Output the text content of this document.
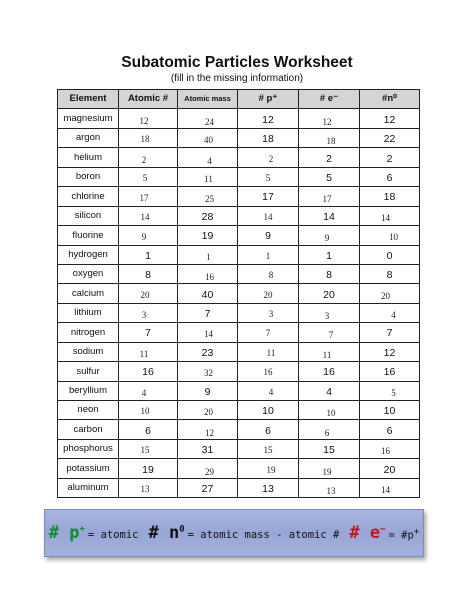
Subatomic Particles Worksheet
(fill in the missing information)
Element	Atomic #	Atomic mass	# p⁺	# e⁻	#n⁰
magnesium	12	24	12	12	12
argon	18	40	18	18	22
helium	2	4	2	2	2
boron	5	11	5	5	6
chlorine	17	25	17	17	18
silicon	14	28	14	14	14
fluorine	9	19	9	9	10
hydrogen	1	1	1	1	0
oxygen	8	16	8	8	8
calcium	20	40	20	20	20
lithium	3	7	3	3	4
nitrogen	7	14	7	7	7
sodium	11	23	11	11	12
sulfur	16	32	16	16	16
beryllium	4	9	4	4	5
neon	10	20	10	10	10
carbon	6	12	6	6	6
phosphorus	15	31	15	15	16
potassium	19	29	19	19	20
aluminum	13	27	13	13	14
# p+ = atomic # $n^0$ = atomic mass - atomic # # e– = #p+
